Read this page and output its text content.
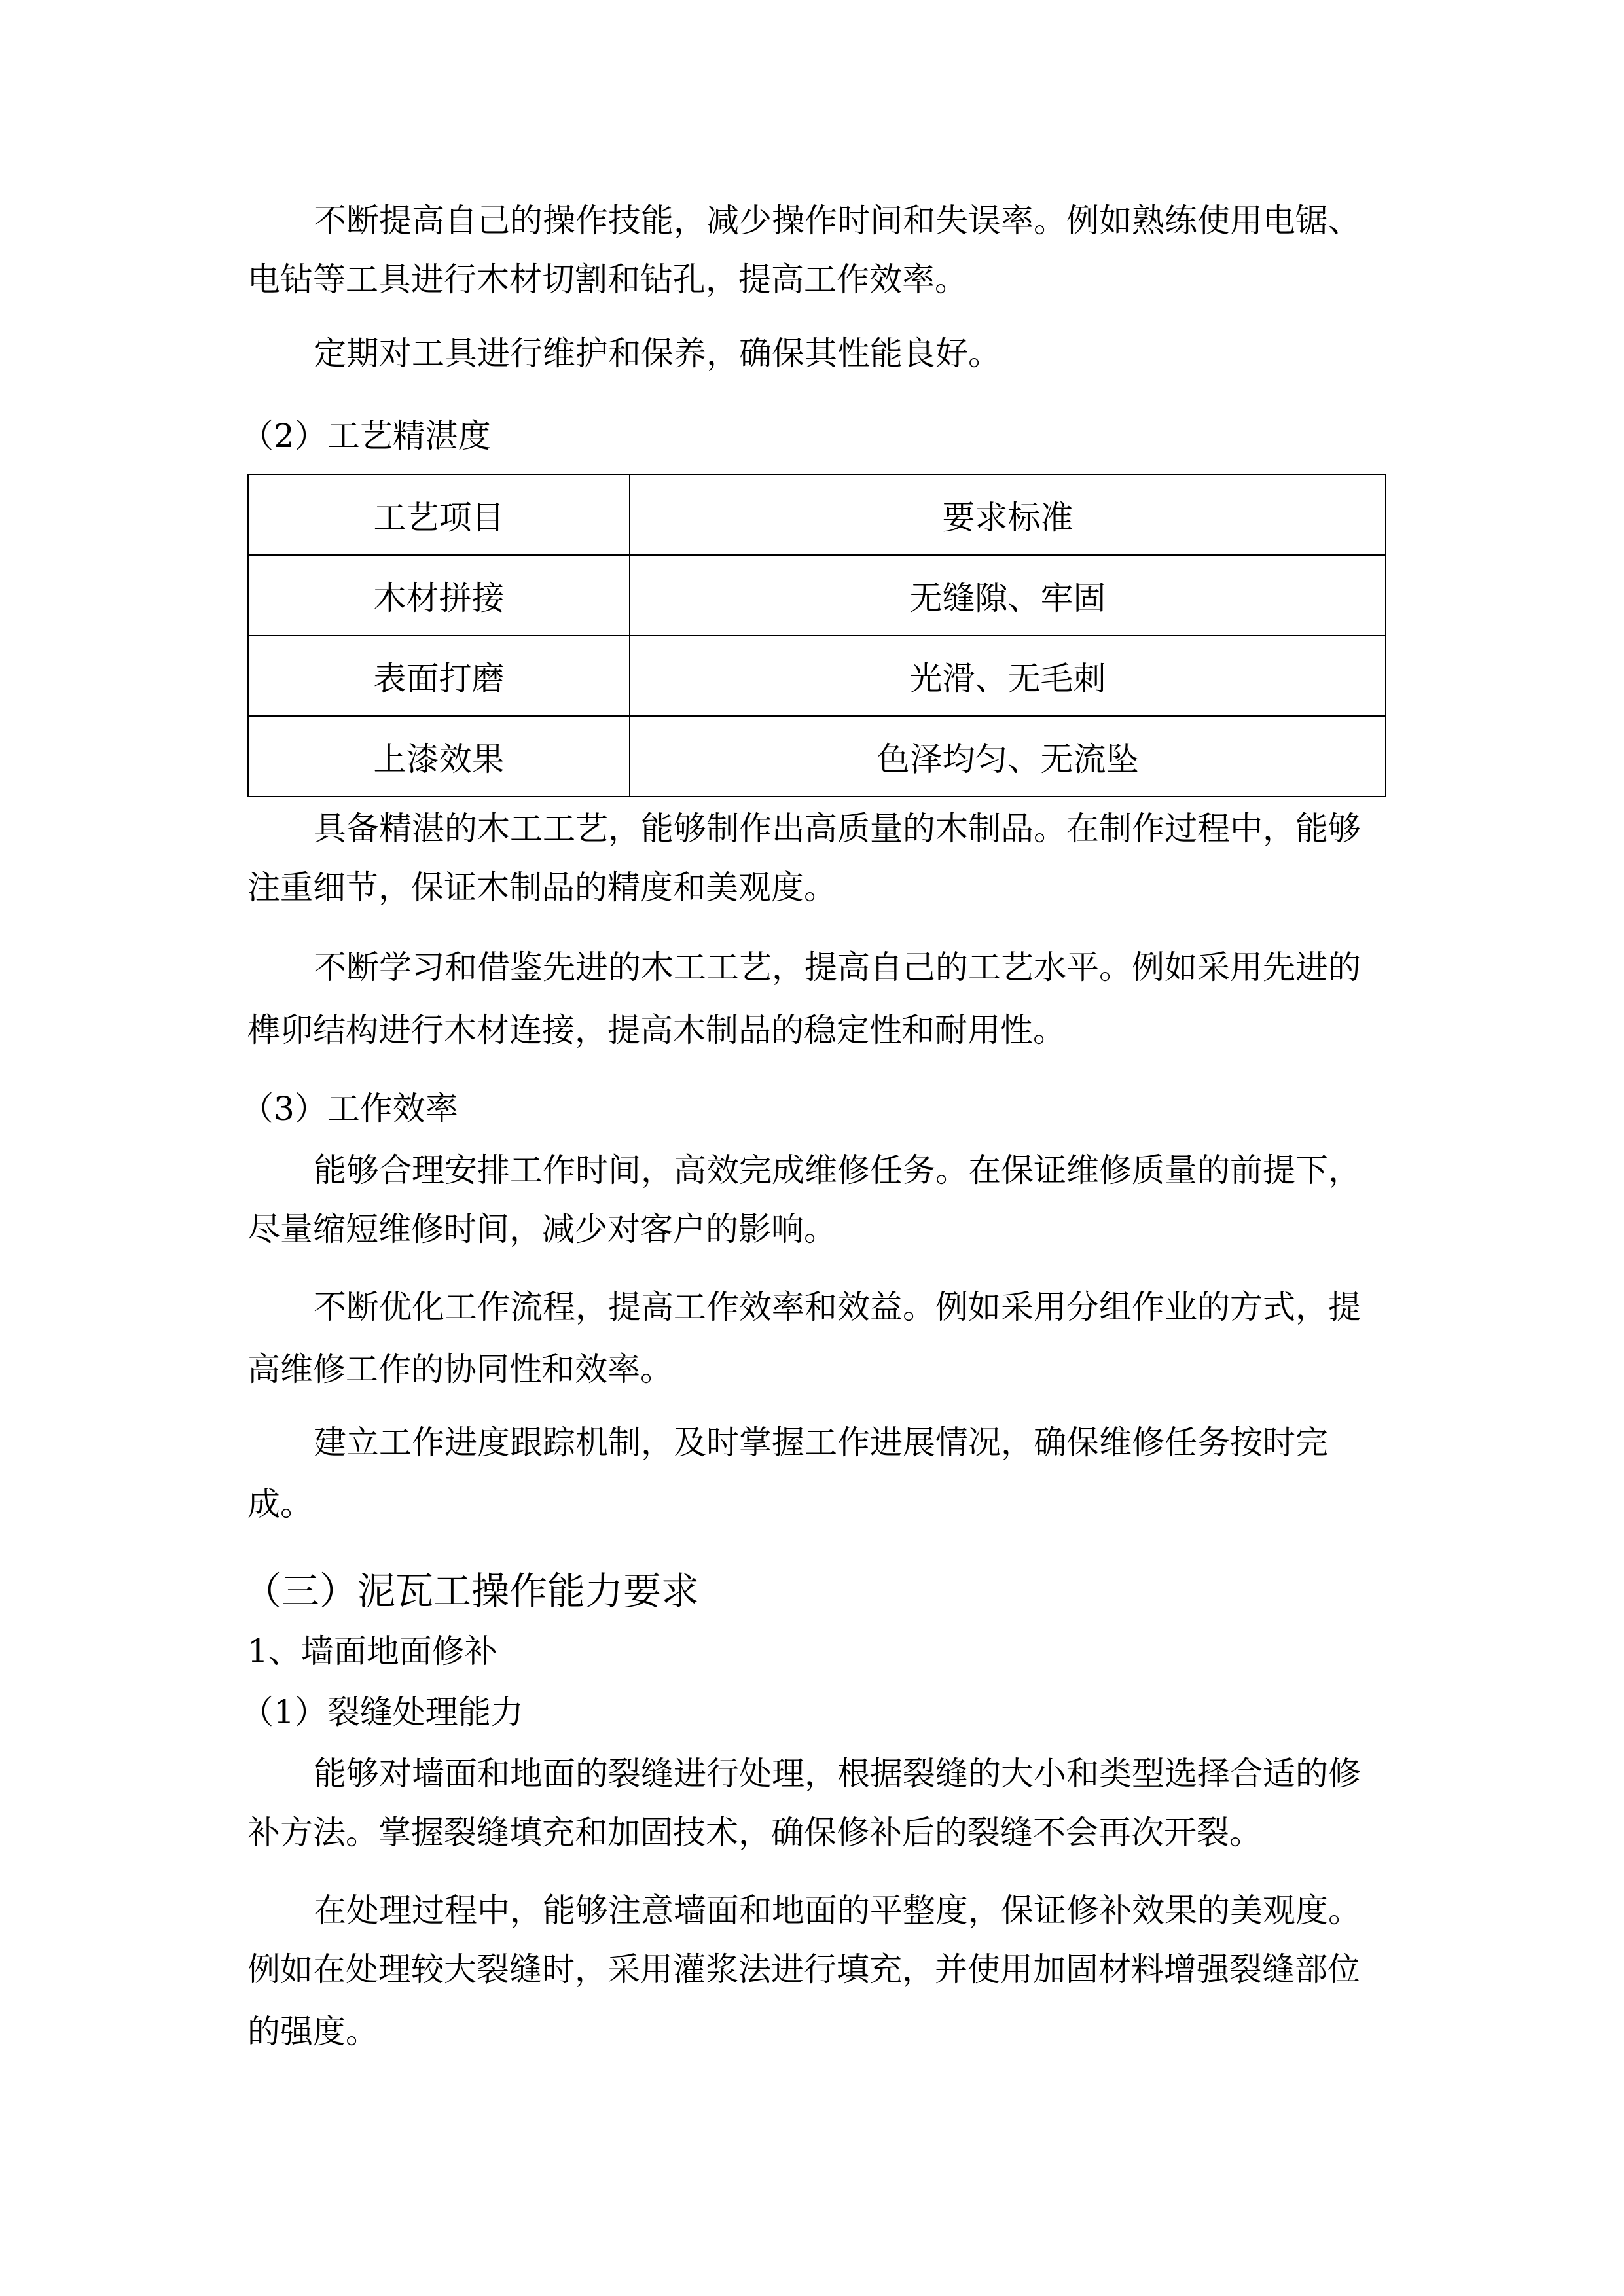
不断提高自己的操作技能，减少操作时间和失误率。例如熟练使用电锯、
电钻等工具进行木材切割和钻孔，提高工作效率。
定期对工具进行维护和保养，确保其性能良好。
（2）工艺精湛度
工艺项目	要求标准
木材拼接	无缝隙、牢固
表面打磨	光滑、无毛刺
上漆效果	色泽均匀、无流坠
具备精湛的木工工艺，能够制作出高质量的木制品。在制作过程中，能够
注重细节，保证木制品的精度和美观度。
不断学习和借鉴先进的木工工艺，提高自己的工艺水平。例如采用先进的
榫卯结构进行木材连接，提高木制品的稳定性和耐用性。
（3）工作效率
能够合理安排工作时间，高效完成维修任务。在保证维修质量的前提下，
尽量缩短维修时间，减少对客户的影响。
不断优化工作流程，提高工作效率和效益。例如采用分组作业的方式，提
高维修工作的协同性和效率。
建立工作进度跟踪机制，及时掌握工作进展情况，确保维修任务按时完
成。
（三）泥瓦工操作能力要求
1、墙面地面修补
（1）裂缝处理能力
能够对墙面和地面的裂缝进行处理，根据裂缝的大小和类型选择合适的修
补方法。掌握裂缝填充和加固技术，确保修补后的裂缝不会再次开裂。
在处理过程中，能够注意墙面和地面的平整度，保证修补效果的美观度。
例如在处理较大裂缝时，采用灌浆法进行填充，并使用加固材料增强裂缝部位
的强度。
